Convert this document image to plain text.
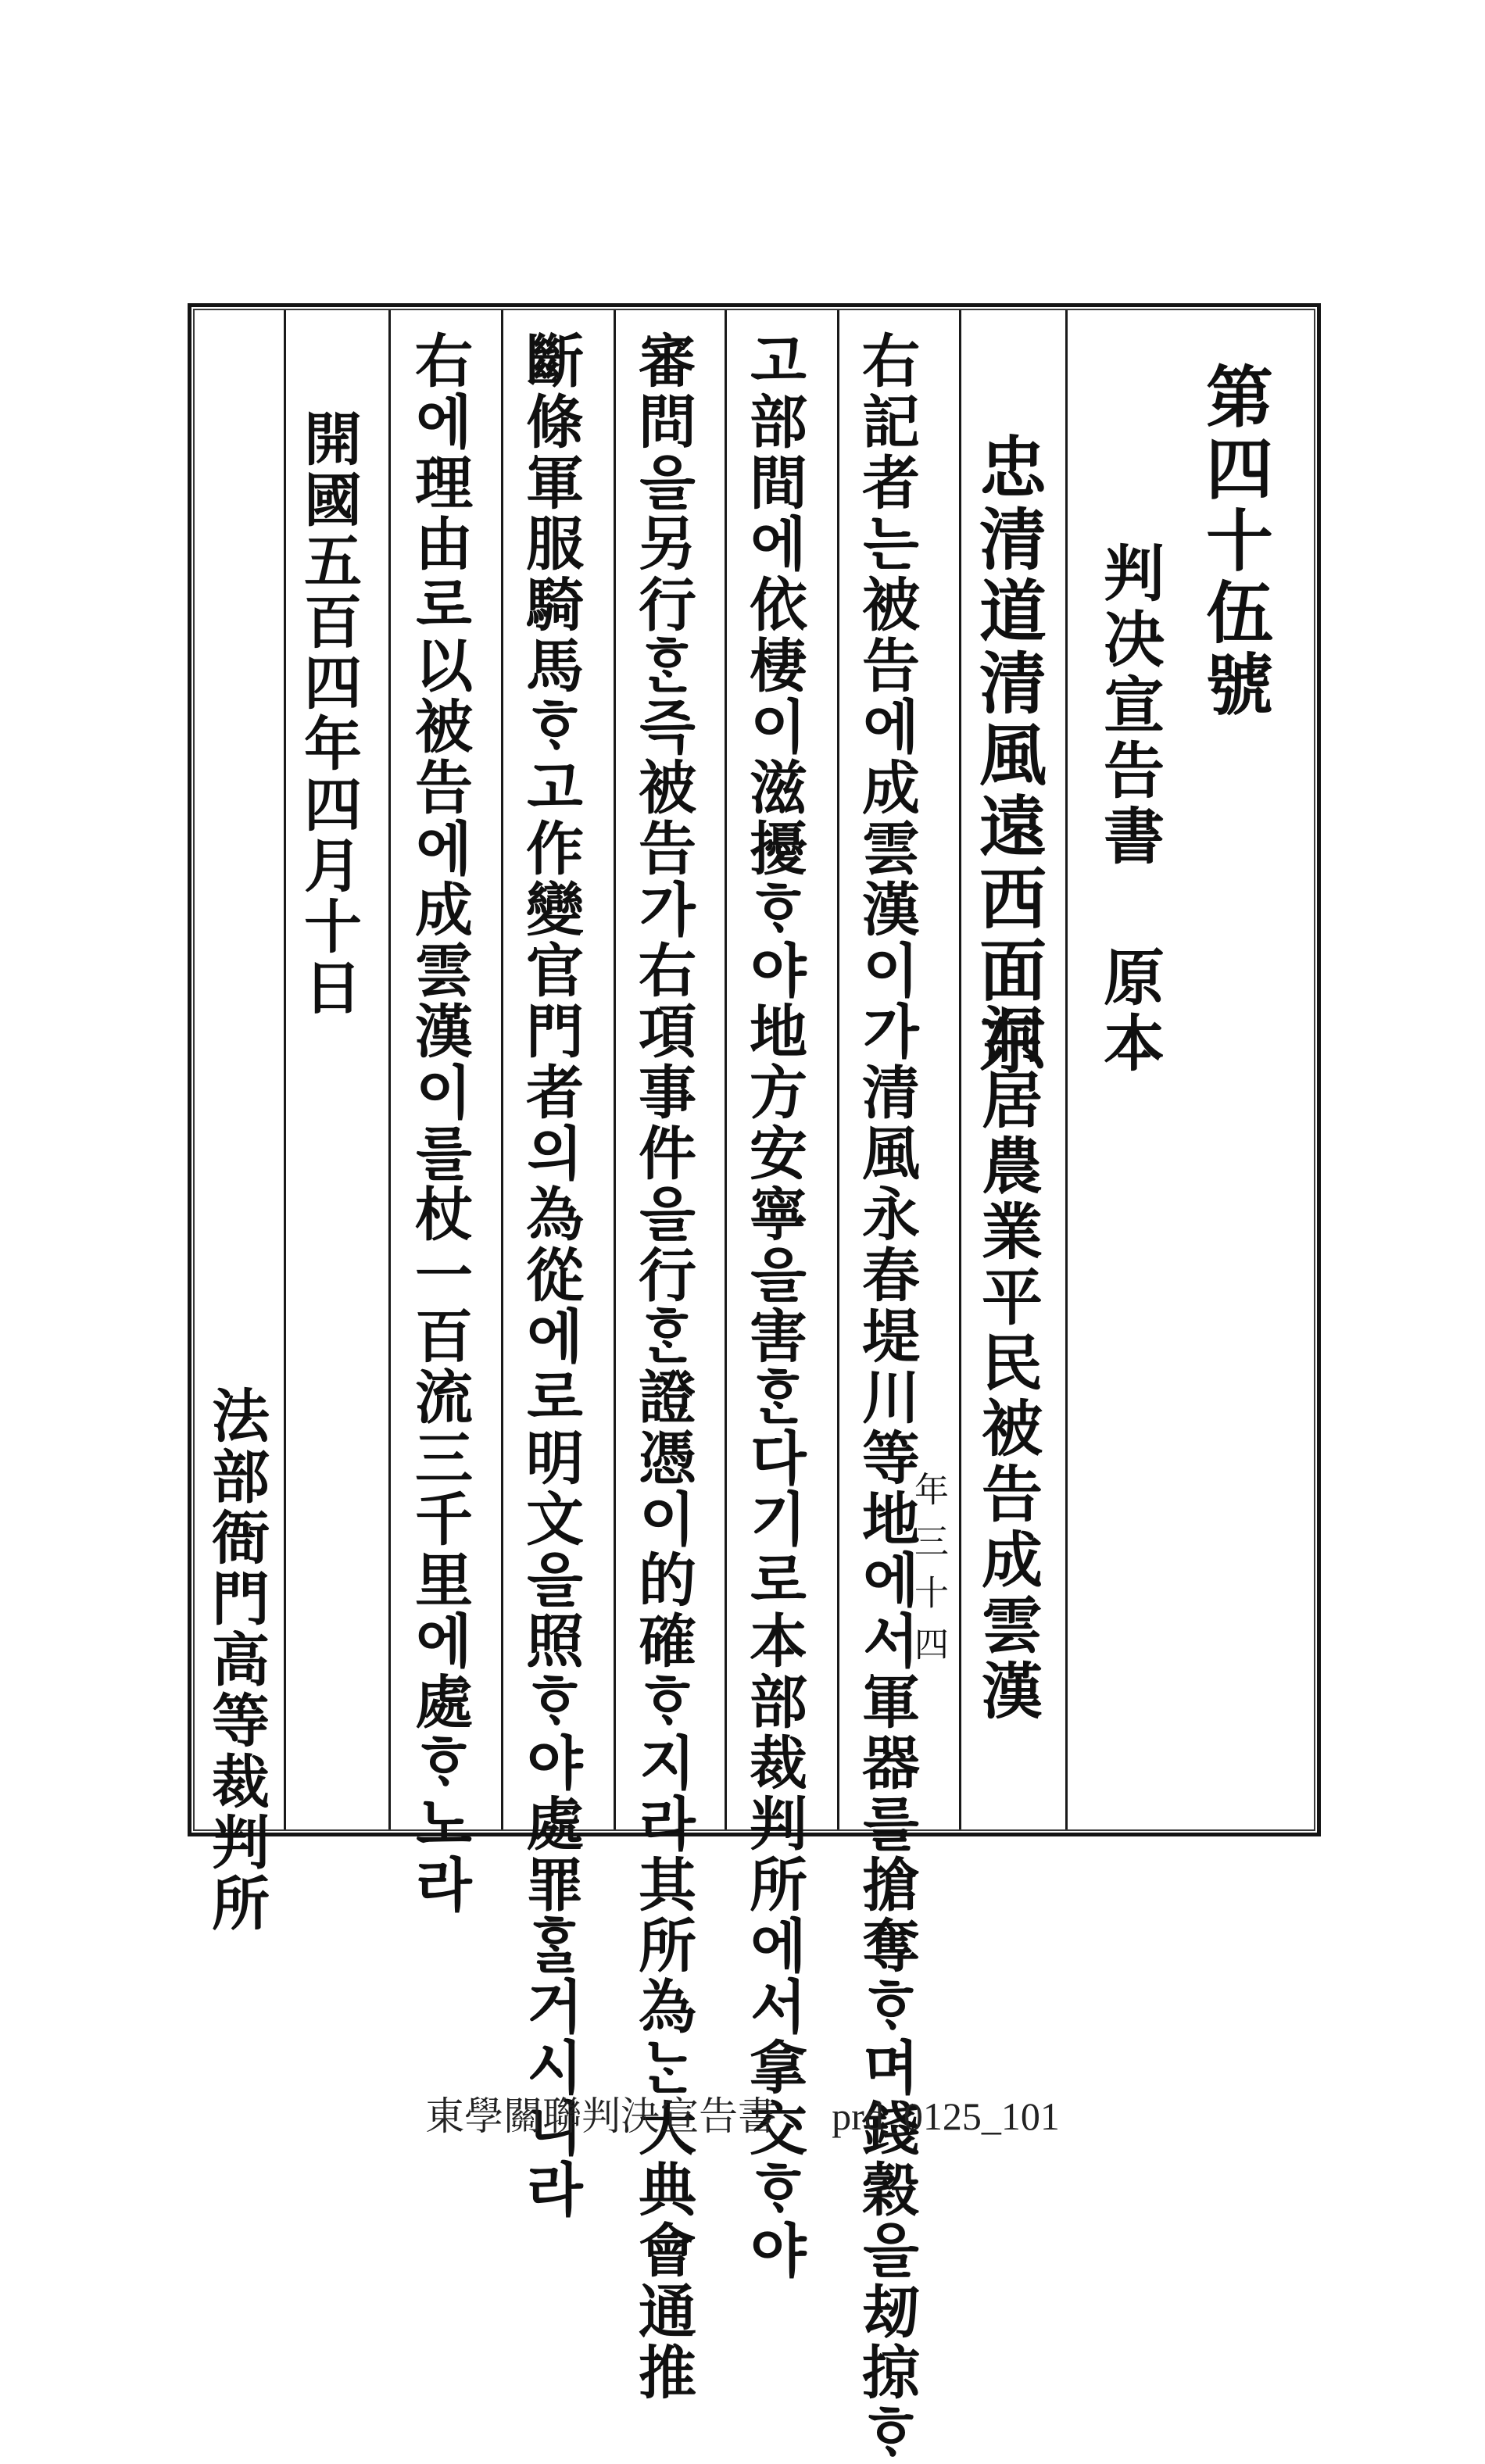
第四十伍號
判决宣告書 原本
忠清道清風遠西面东
洞居農業平民被告成雲漢
年三十四
右記者는被告에成雲漢이가清風永春堤川等地에서軍器를搶奪ᄒᆞ며錢穀을刼掠ᄒᆞ
고部間에依棲이滋擾ᄒᆞ야地方安寧을害ᄒᆞᆫ다기로本部裁判所에서拿交ᄒᆞ야
審問을另行ᄒᆞᆫ즉被告가右項事件을行ᄒᆞᆫ證憑이的確ᄒᆞ지라其所為ᄂᆞᆫ大典會通推
斷條軍服騎馬ᄒᆞ고作變官門者의為從에로明文을照ᄒᆞ야處罪ᄒᆞᆯ거시니라
右에理由로以被告에成雲漢이를杖一百流三千里에處ᄒᆞ노라
開國五百四年四月十日
法部衙門高等裁判所
東學關聯判決宣告書 prd_0125_101
